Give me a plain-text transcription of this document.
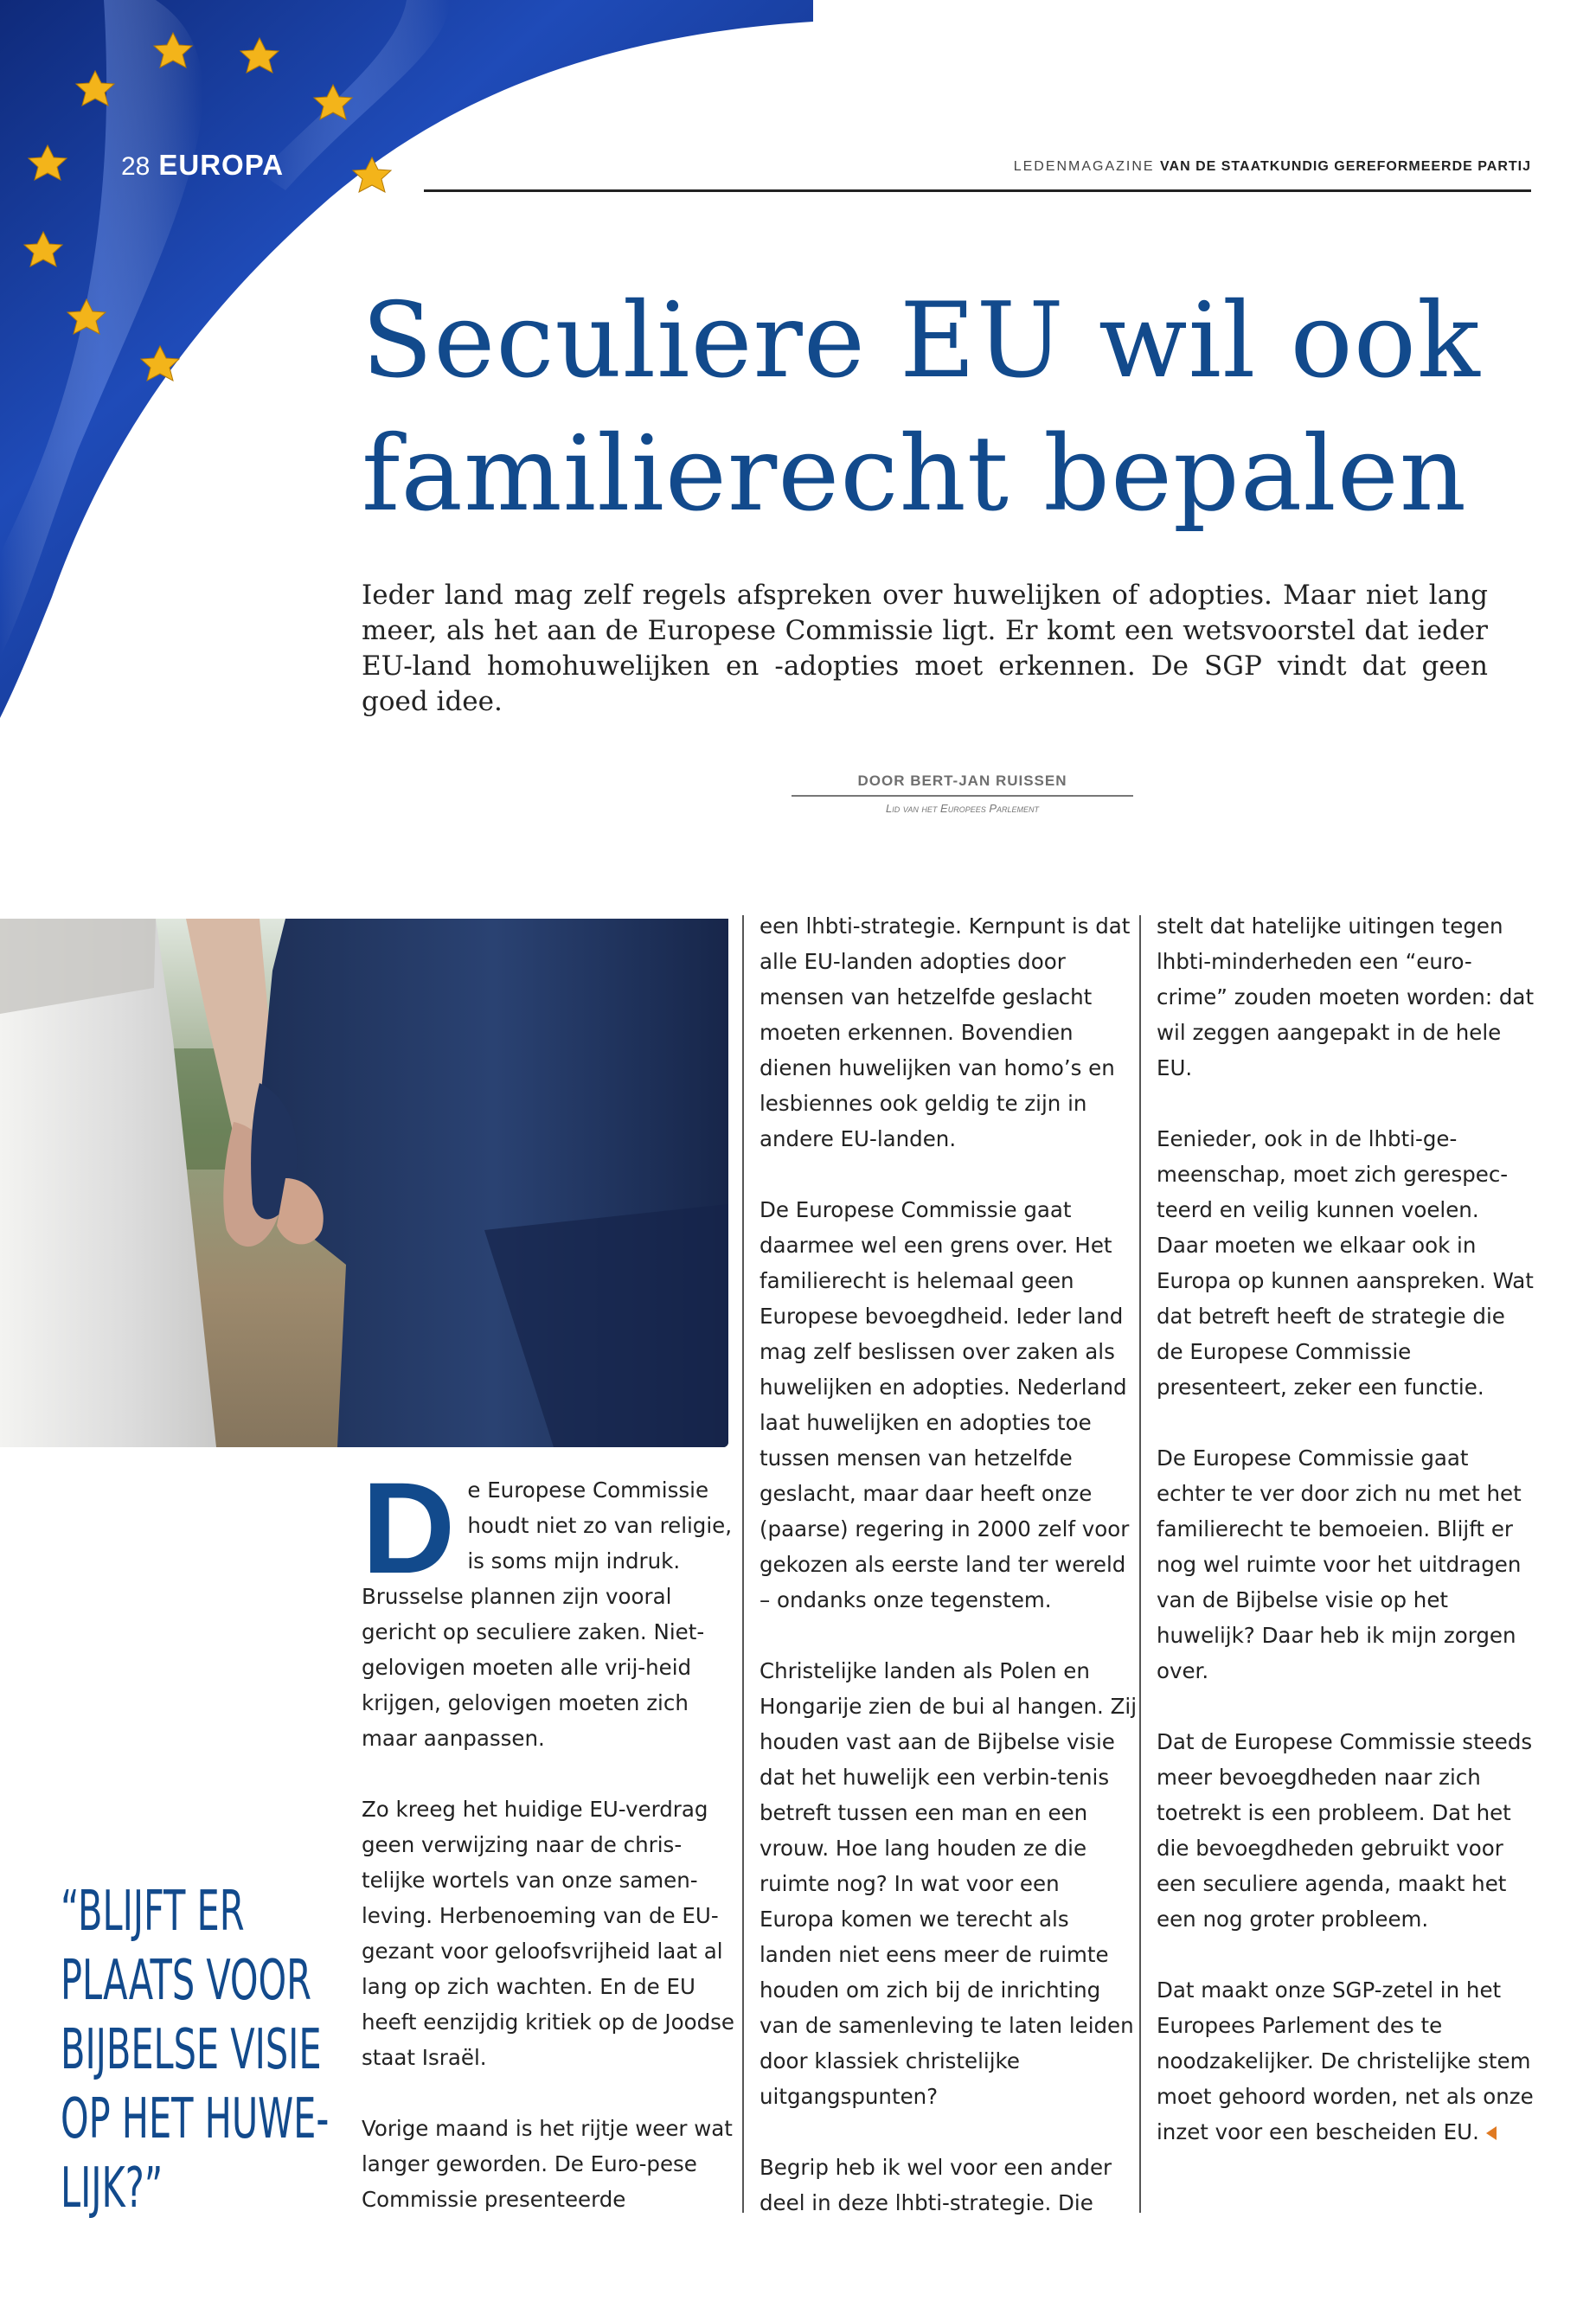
28 EUROPA	LEDENMAGAZINE VAN DE STAATKUNDIG GEREFORMEERDE PARTIJ
Seculiere EU wil ook
familierecht bepalen

Ieder land mag zelf regels afspreken over huwelijken of adopties. Maar niet lang meer, als het aan de Europese Commissie ligt. Er komt een wetsvoorstel dat ieder EU-land homohuwelijken en -adopties moet erkennen. De SGP vindt dat geen goed idee.

DOOR BERT-JAN RUISSEN
Lid van het Europees Parlement

De Europese Commissie houdt niet zo van religie, is soms mijn indruk. Brusselse plannen zijn vooral gericht op seculiere zaken. Niet-gelovigen moeten alle vrij-heid krijgen, gelovigen moeten zich maar aanpassen.

Zo kreeg het huidige EU-verdrag geen verwijzing naar de chris-telijke wortels van onze samen-leving. Herbenoeming van de EU-gezant voor geloofsvrijheid laat al lang op zich wachten. En de EU heeft eenzijdig kritiek op de Joodse staat Israël.

Vorige maand is het rijtje weer wat langer geworden. De Euro-pese Commissie presenteerde

een lhbti-strategie. Kernpunt is dat alle EU-landen adopties door mensen van hetzelfde geslacht moeten erkennen. Bovendien dienen huwelijken van homo’s en lesbiennes ook geldig te zijn in andere EU-landen.

De Europese Commissie gaat daarmee wel een grens over. Het familierecht is helemaal geen Europese bevoegdheid. Ieder land mag zelf beslissen over zaken als huwelijken en adopties. Nederland laat huwelijken en adopties toe tussen mensen van hetzelfde geslacht, maar daar heeft onze (paarse) regering in 2000 zelf voor gekozen als eerste land ter wereld – ondanks onze tegenstem.

Christelijke landen als Polen en Hongarije zien de bui al hangen. Zij houden vast aan de Bijbelse visie dat het huwelijk een verbin-tenis betreft tussen een man en een vrouw. Hoe lang houden ze die ruimte nog? In wat voor een Europa komen we terecht als landen niet eens meer de ruimte houden om zich bij de inrichting van de samenleving te laten leiden door klassiek christelijke uitgangspunten?

Begrip heb ik wel voor een ander deel in deze lhbti-strategie. Die

stelt dat hatelijke uitingen tegen lhbti-minderheden een “euro-crime” zouden moeten worden: dat wil zeggen aangepakt in de hele EU.

Eenieder, ook in de lhbti-ge-meenschap, moet zich gerespec-teerd en veilig kunnen voelen. Daar moeten we elkaar ook in Europa op kunnen aanspreken. Wat dat betreft heeft de strategie die de Europese Commissie presenteert, zeker een functie.

De Europese Commissie gaat echter te ver door zich nu met het familierecht te bemoeien. Blijft er nog wel ruimte voor het uitdragen van de Bijbelse visie op het huwelijk? Daar heb ik mijn zorgen over.

Dat de Europese Commissie steeds meer bevoegdheden naar zich toetrekt is een probleem. Dat het die bevoegdheden gebruikt voor een seculiere agenda, maakt het een nog groter probleem.

Dat maakt onze SGP-zetel in het Europees Parlement des te noodzakelijker. De christelijke stem moet gehoord worden, net als onze inzet voor een bescheiden EU.

“BLIJFT ER
PLAATS VOOR
BIJBELSE VISIE
OP HET HUWE-
LIJK?”
